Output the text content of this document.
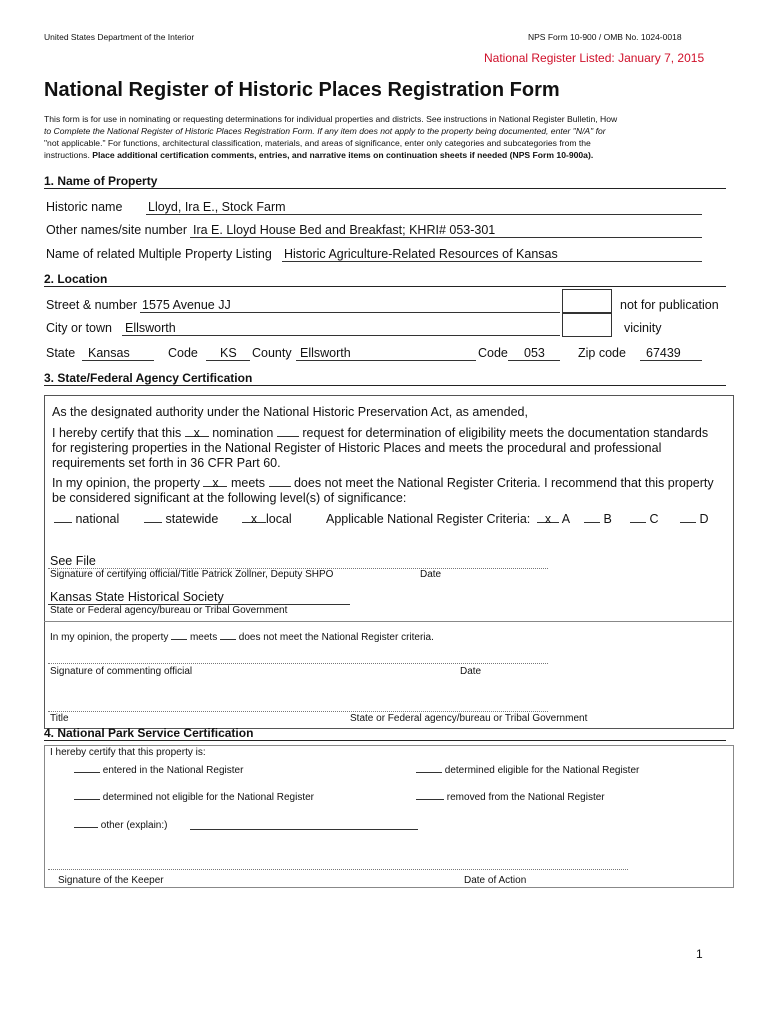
United States Department of the Interior	NPS Form 10-900 / OMB No. 1024-0018
National Register Listed: January 7, 2015
National Register of Historic Places Registration Form
This form is for use in nominating or requesting determinations for individual properties and districts. See instructions in National Register Bulletin, How
to Complete the National Register of Historic Places Registration Form. If any item does not apply to the property being documented, enter "N/A" for
"not applicable." For functions, architectural classification, materials, and areas of significance, enter only categories and subcategories from the
instructions. Place additional certification comments, entries, and narrative items on continuation sheets if needed (NPS Form 10-900a).
1. Name of Property
Historic name Lloyd, Ira E., Stock Farm
Other names/site number Ira E. Lloyd House Bed and Breakfast; KHRI# 053-301
Name of related Multiple Property Listing Historic Agriculture-Related Resources of Kansas
2. Location
Street & number 1575 Avenue JJ	not for publication
City or town Ellsworth	vicinity
State Kansas	Code KS County Ellsworth	Code 053	Zip code 67439
3. State/Federal Agency Certification
As the designated authority under the National Historic Preservation Act, as amended,
I hereby certify that this x nomination request for determination of eligibility meets the documentation standards
for registering properties in the National Register of Historic Places and meets the procedural and professional
requirements set forth in 36 CFR Part 60.
In my opinion, the property x meets does not meet the National Register Criteria. I recommend that this property
be considered significant at the following level(s) of significance:
national	statewide	x local	Applicable National Register Criteria:	x A	B	C	D
See File
Signature of certifying official/Title Patrick Zollner, Deputy SHPO	Date
Kansas State Historical Society
State or Federal agency/bureau or Tribal Government
In my opinion, the property meets does not meet the National Register criteria.
Signature of commenting official	Date
Title	State or Federal agency/bureau or Tribal Government
4. National Park Service Certification
I hereby certify that this property is:
entered in the National Register	determined eligible for the National Register
determined not eligible for the National Register	removed from the National Register
other (explain:)
Signature of the Keeper	Date of Action
1
